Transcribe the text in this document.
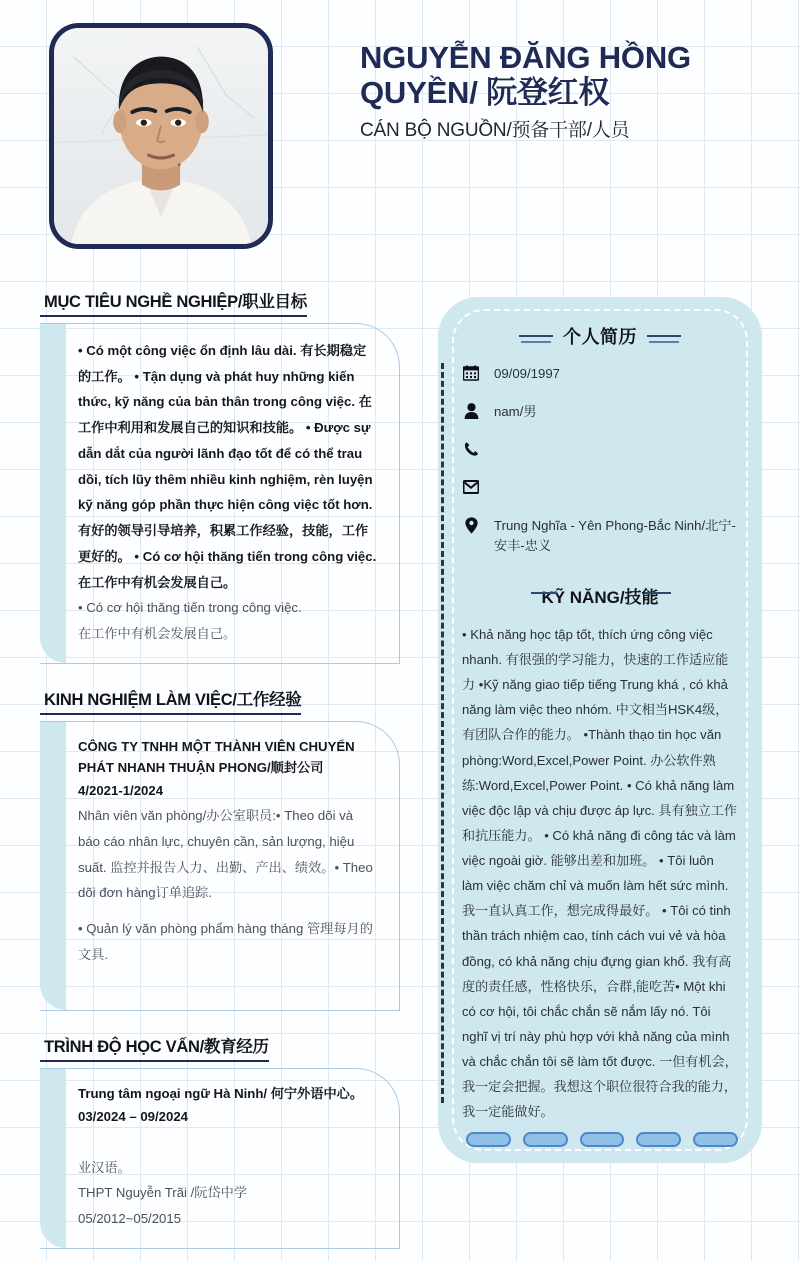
NGUYỄN ĐĂNG HỒNG QUYỀN/ 阮登红权

CÁN BỘ NGUỒN/预备干部/人员

MỤC TIÊU NGHỀ NGHIỆP/职业目标

• Có một công việc ổn định lâu dài. 有长期稳定的工作。 • Tận dụng và phát huy những kiến thức, kỹ năng của bản thân trong công việc. 在工作中利用和发展自己的知识和技能。 • Được sự dẫn dắt của người lãnh đạo tốt để có thể trau dồi, tích lũy thêm nhiều kinh nghiệm, rèn luyện kỹ năng góp phần thực hiện công việc tốt hơn. 有好的领导引导培养，积累工作经验，技能，工作更好的。 • Có cơ hội thăng tiến trong công việc. 在工作中有机会发展自己。

• Có cơ hội thăng tiến trong công việc.

在工作中有机会发展自己。

KINH NGHIỆM LÀM VIỆC/工作经验

CÔNG TY TNHH MỘT THÀNH VIÊN CHUYỂN PHÁT NHANH THUẬN PHONG/顺封公司

4/2021-1/2024

Nhân viên văn phòng/办公室职员:• Theo dõi và báo cáo nhân lực, chuyên cần, sản lượng, hiệu suất. 监控并报告人力、出勤、产出、绩效。• Theo dõi đơn hàng订单追踪.

• Quản lý văn phòng phẩm hàng tháng 管理每月的文具.

TRÌNH ĐỘ HỌC VẤN/教育经历

Trung tâm ngoại ngữ Hà Ninh/ 何宁外语中心。

03/2024 – 09/2024

业汉语。

THPT Nguyễn Trãi /阮岱中学

05/2012~05/2015

个人简历
09/09/1997
nam/男
Trung Nghĩa - Yên Phong-Bắc Ninh/北宁-安丰-忠义
KỸ NĂNG/技能

• Khả năng học tập tốt, thích ứng công việc nhanh. 有很强的学习能力，快速的工作适应能力 •Kỹ năng giao tiếp tiếng Trung khá , có khả năng làm việc theo nhóm. 中文相当HSK4级，有团队合作的能力。 •Thành thạo tin học văn phòng:Word,Excel,Power Point. 办公软件熟练:Word,Excel,Power Point. • Có khả năng làm việc độc lập và chịu được áp lực. 具有独立工作和抗压能力。 • Có khả năng đi công tác và làm việc ngoài giờ. 能够出差和加班。 • Tôi luôn làm việc chăm chỉ và muốn làm hết sức mình. 我一直认真工作，想完成得最好。 • Tôi có tinh thần trách nhiệm cao, tính cách vui vẻ và hòa đồng, có khả năng chịu đựng gian khổ. 我有高度的责任感，性格快乐，合群,能吃苦• Một khi có cơ hội, tôi chắc chắn sẽ nắm lấy nó. Tôi nghĩ vị trí này phù hợp với khả năng của mình và chắc chắn tôi sẽ làm tốt được. 一但有机会，我一定会把握。我想这个职位很符合我的能力，我一定能做好。
